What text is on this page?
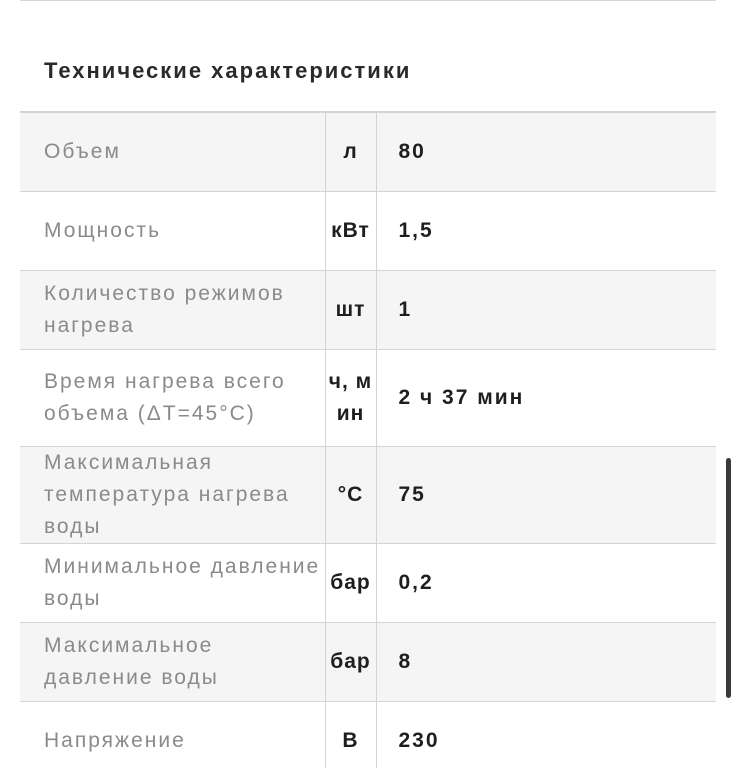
Технические характеристики
Объем	л	80
Мощность	кВт	1,5
Количество режимов нагрева	шт	1
Время нагрева всего объема (ΔТ=45°С)	ч, мин	2 ч 37 мин
Максимальная температура нагрева воды	°С	75
Минимальное давление воды	бар	0,2
Максимальное давление воды	бар	8
Напряжение	В	230
